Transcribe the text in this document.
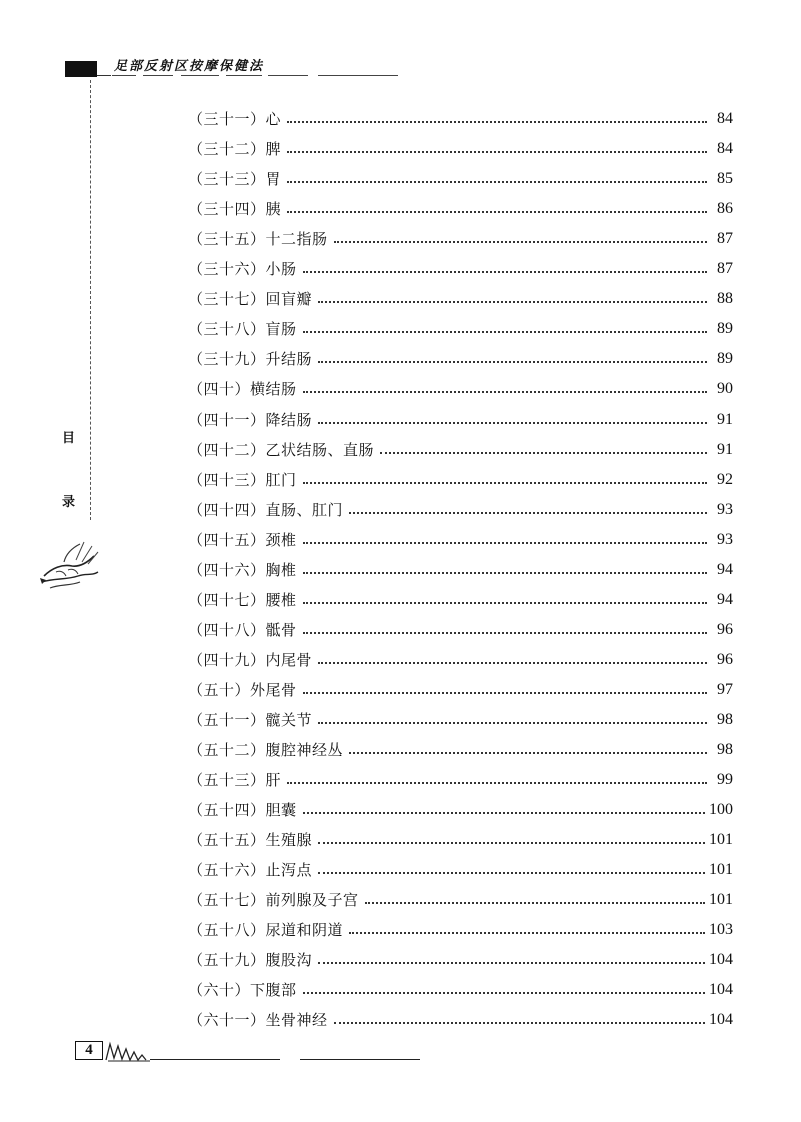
足部反射区按摩保健法
目
录
（三十一）心	84
（三十二）脾	84
（三十三）胃	85
（三十四）胰	86
（三十五）十二指肠	87
（三十六）小肠	87
（三十七）回盲瓣	88
（三十八）盲肠	89
（三十九）升结肠	89
（四十）横结肠	90
（四十一）降结肠	91
（四十二）乙状结肠、直肠	91
（四十三）肛门	92
（四十四）直肠、肛门	93
（四十五）颈椎	93
（四十六）胸椎	94
（四十七）腰椎	94
（四十八）骶骨	96
（四十九）内尾骨	96
（五十）外尾骨	97
（五十一）髋关节	98
（五十二）腹腔神经丛	98
（五十三）肝	99
（五十四）胆囊	100
（五十五）生殖腺	101
（五十六）止泻点	101
（五十七）前列腺及子宫	101
（五十八）尿道和阴道	103
（五十九）腹股沟	104
（六十）下腹部	104
（六十一）坐骨神经	104
4
